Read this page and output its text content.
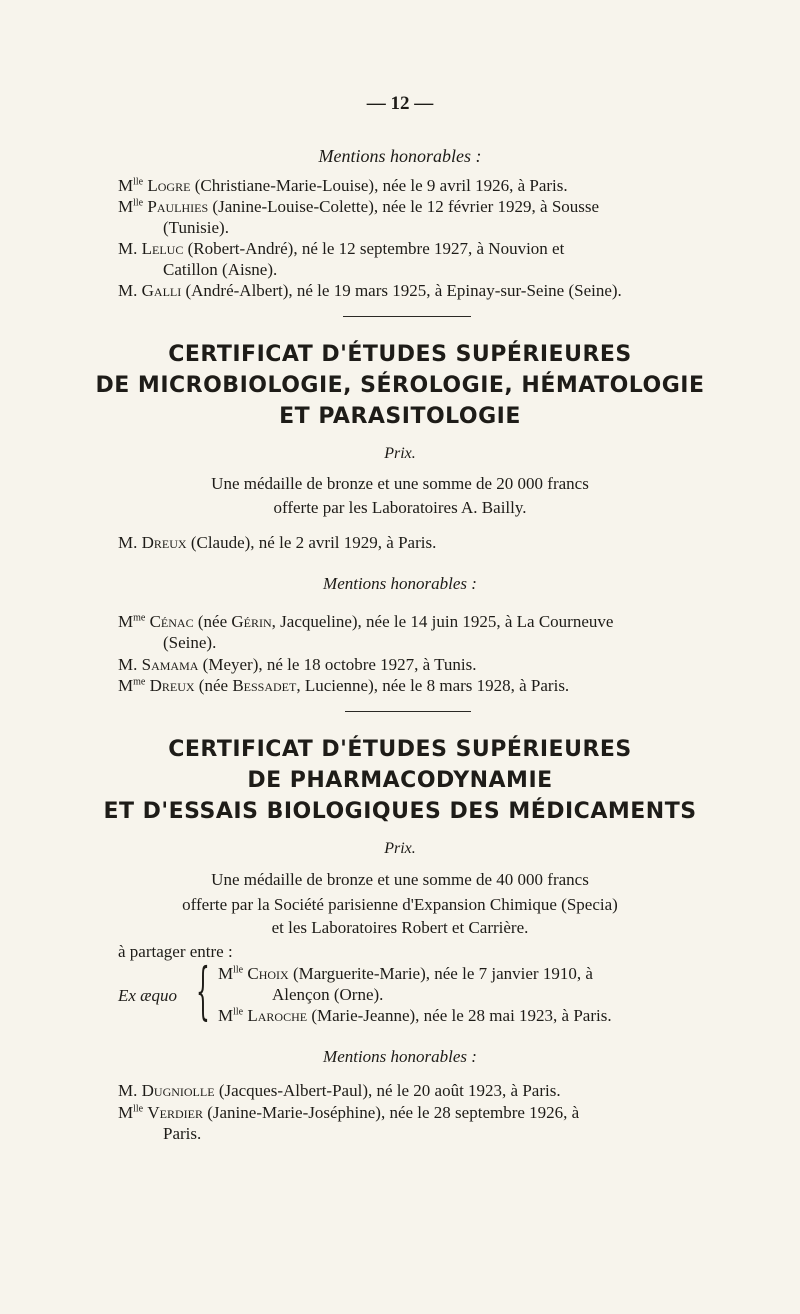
— 12 —
Mentions honorables :
$M^{lle}$ Logre (Christiane-Marie-Louise), née le 9 avril 1926, à Paris.
$M^{lle}$ Paulhies (Janine-Louise-Colette), née le 12 février 1929, à Sousse
(Tunisie).
M. Leluc (Robert-André), né le 12 septembre 1927, à Nouvion et
Catillon (Aisne).
M. Galli (André-Albert), né le 19 mars 1925, à Epinay-sur-Seine (Seine).
CERTIFICAT D'ÉTUDES SUPÉRIEURES
DE MICROBIOLOGIE, SÉROLOGIE, HÉMATOLOGIE
ET PARASITOLOGIE
Prix.
Une médaille de bronze et une somme de 20 000 francs
offerte par les Laboratoires A. Bailly.
M. Dreux (Claude), né le 2 avril 1929, à Paris.
Mentions honorables :
$M^{me}$ Cénac (née Gérin, Jacqueline), née le 14 juin 1925, à La Courneuve
(Seine).
M. Samama (Meyer), né le 18 octobre 1927, à Tunis.
$M^{me}$ Dreux (née Bessadet, Lucienne), née le 8 mars 1928, à Paris.
CERTIFICAT D'ÉTUDES SUPÉRIEURES
DE PHARMACODYNAMIE
ET D'ESSAIS BIOLOGIQUES DES MÉDICAMENTS
Prix.
Une médaille de bronze et une somme de 40 000 francs
offerte par la Société parisienne d'Expansion Chimique (Specia)
et les Laboratoires Robert et Carrière.
à partager entre :
Ex æquo { $M^{lle}$ Choix (Marguerite-Marie), née le 7 janvier 1910, à
Alençon (Orne).
$M^{lle}$ Laroche (Marie-Jeanne), née le 28 mai 1923, à Paris.
Mentions honorables :
M. Dugniolle (Jacques-Albert-Paul), né le 20 août 1923, à Paris.
$M^{lle}$ Verdier (Janine-Marie-Joséphine), née le 28 septembre 1926, à
Paris.
